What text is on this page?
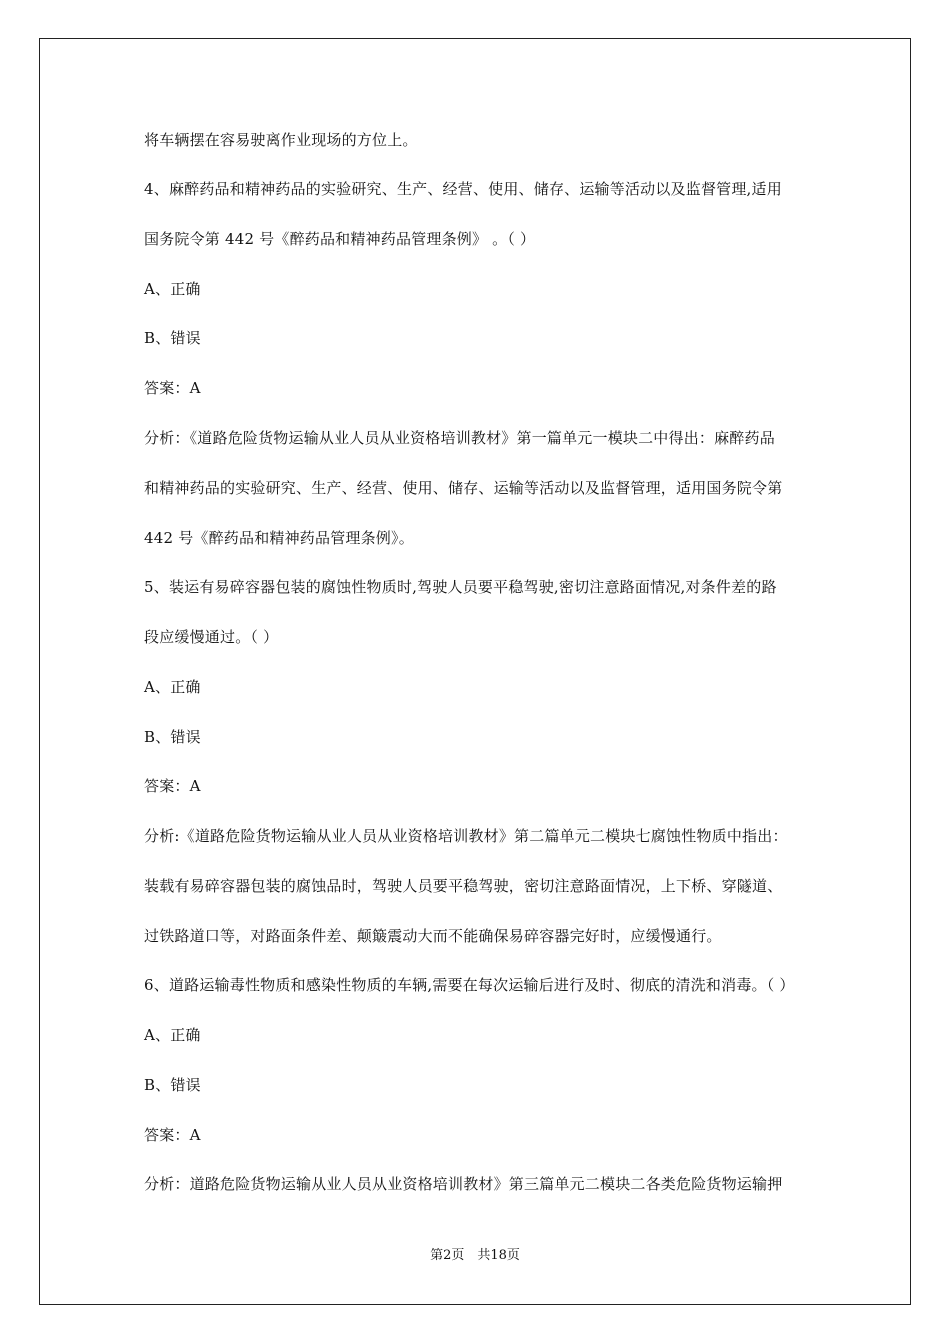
将车辆摆在容易驶离作业现场的方位上。
4、麻醉药品和精神药品的实验研究、生产、经营、使用、储存、运输等活动以及监督管理,适用
国务院令第 442 号《醉药品和精神药品管理条例》 。（ ）
A、正确
B、错误
答案：A
分析：《道路危险货物运输从业人员从业资格培训教材》第一篇单元一模块二中得出：麻醉药品
和精神药品的实验研究、生产、经营、使用、储存、运输等活动以及监督管理，适用国务院令第
442 号《醉药品和精神药品管理条例》。
5、装运有易碎容器包装的腐蚀性物质时,驾驶人员要平稳驾驶,密切注意路面情况,对条件差的路
段应缓慢通过。（ ）
A、正确
B、错误
答案：A
分析:《道路危险货物运输从业人员从业资格培训教材》第二篇单元二模块七腐蚀性物质中指出：
装载有易碎容器包装的腐蚀品时，驾驶人员要平稳驾驶，密切注意路面情况，上下桥、穿隧道、
过铁路道口等，对路面条件差、颠簸震动大而不能确保易碎容器完好时，应缓慢通行。
6、道路运输毒性物质和感染性物质的车辆,需要在每次运输后进行及时、彻底的清洗和消毒。（ ）
A、正确
B、错误
答案：A
分析：道路危险货物运输从业人员从业资格培训教材》第三篇单元二模块二各类危险货物运输押
第2页　共18页
